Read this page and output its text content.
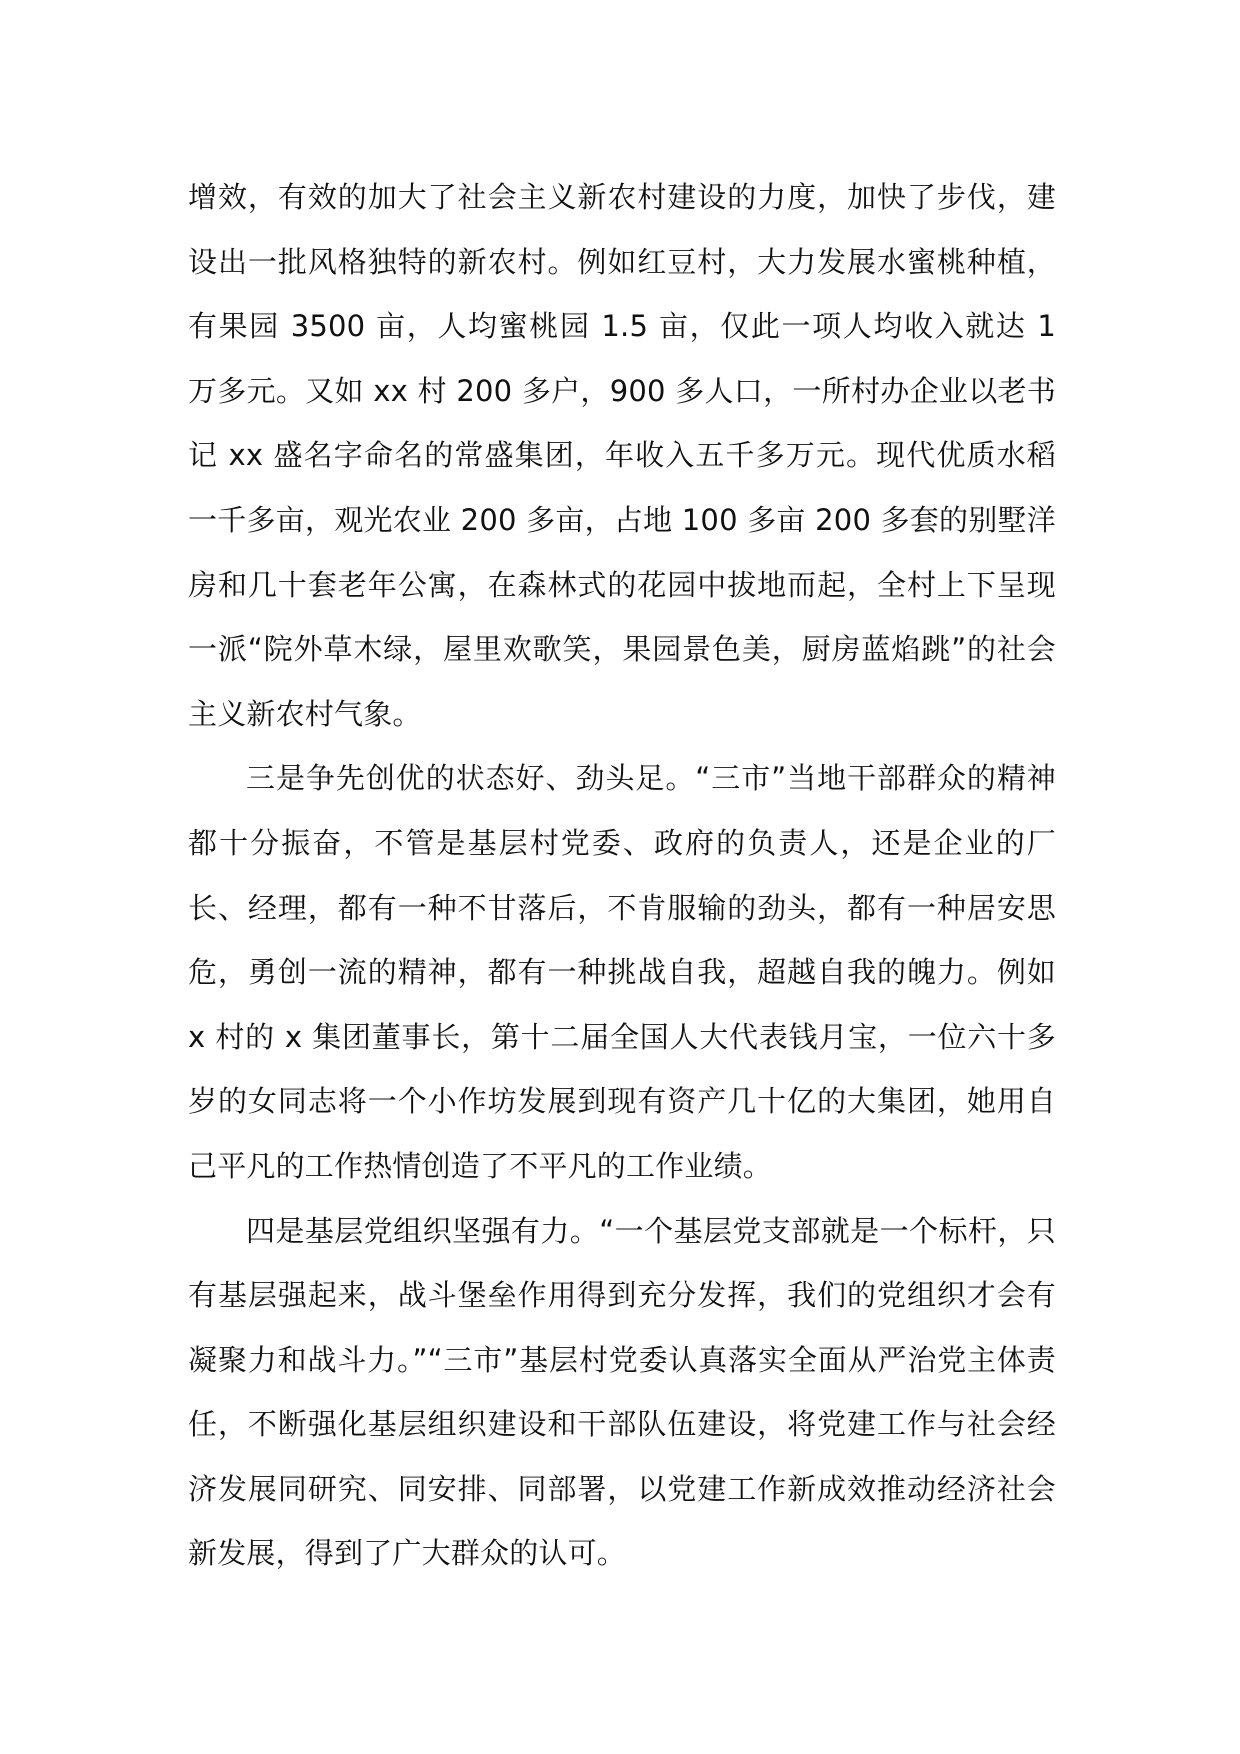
增效，有效的加大了社会主义新农村建设的力度，加快了步伐，建设出一批风格独特的新农村。例如红豆村，大力发展水蜜桃种植，有果园 3500 亩，人均蜜桃园 1.5 亩，仅此一项人均收入就达 1 万多元。又如 xx 村 200 多户，900 多人口，一所村办企业以老书记 xx 盛名字命名的常盛集团，年收入五千多万元。现代优质水稻一千多亩，观光农业 200 多亩，占地 100 多亩 200 多套的别墅洋房和几十套老年公寓，在森林式的花园中拔地而起，全村上下呈现一派“院外草木绿，屋里欢歌笑，果园景色美，厨房蓝焰跳”的社会主义新农村气象。

三是争先创优的状态好、劲头足。“三市”当地干部群众的精神都十分振奋，不管是基层村党委、政府的负责人，还是企业的厂长、经理，都有一种不甘落后，不肯服输的劲头，都有一种居安思危，勇创一流的精神，都有一种挑战自我，超越自我的魄力。例如 x 村的 x 集团董事长，第十二届全国人大代表钱月宝，一位六十多岁的女同志将一个小作坊发展到现有资产几十亿的大集团，她用自己平凡的工作热情创造了不平凡的工作业绩。

四是基层党组织坚强有力。“一个基层党支部就是一个标杆，只有基层强起来，战斗堡垒作用得到充分发挥，我们的党组织才会有凝聚力和战斗力。”“三市”基层村党委认真落实全面从严治党主体责任，不断强化基层组织建设和干部队伍建设，将党建工作与社会经济发展同研究、同安排、同部署，以党建工作新成效推动经济社会新发展，得到了广大群众的认可。
